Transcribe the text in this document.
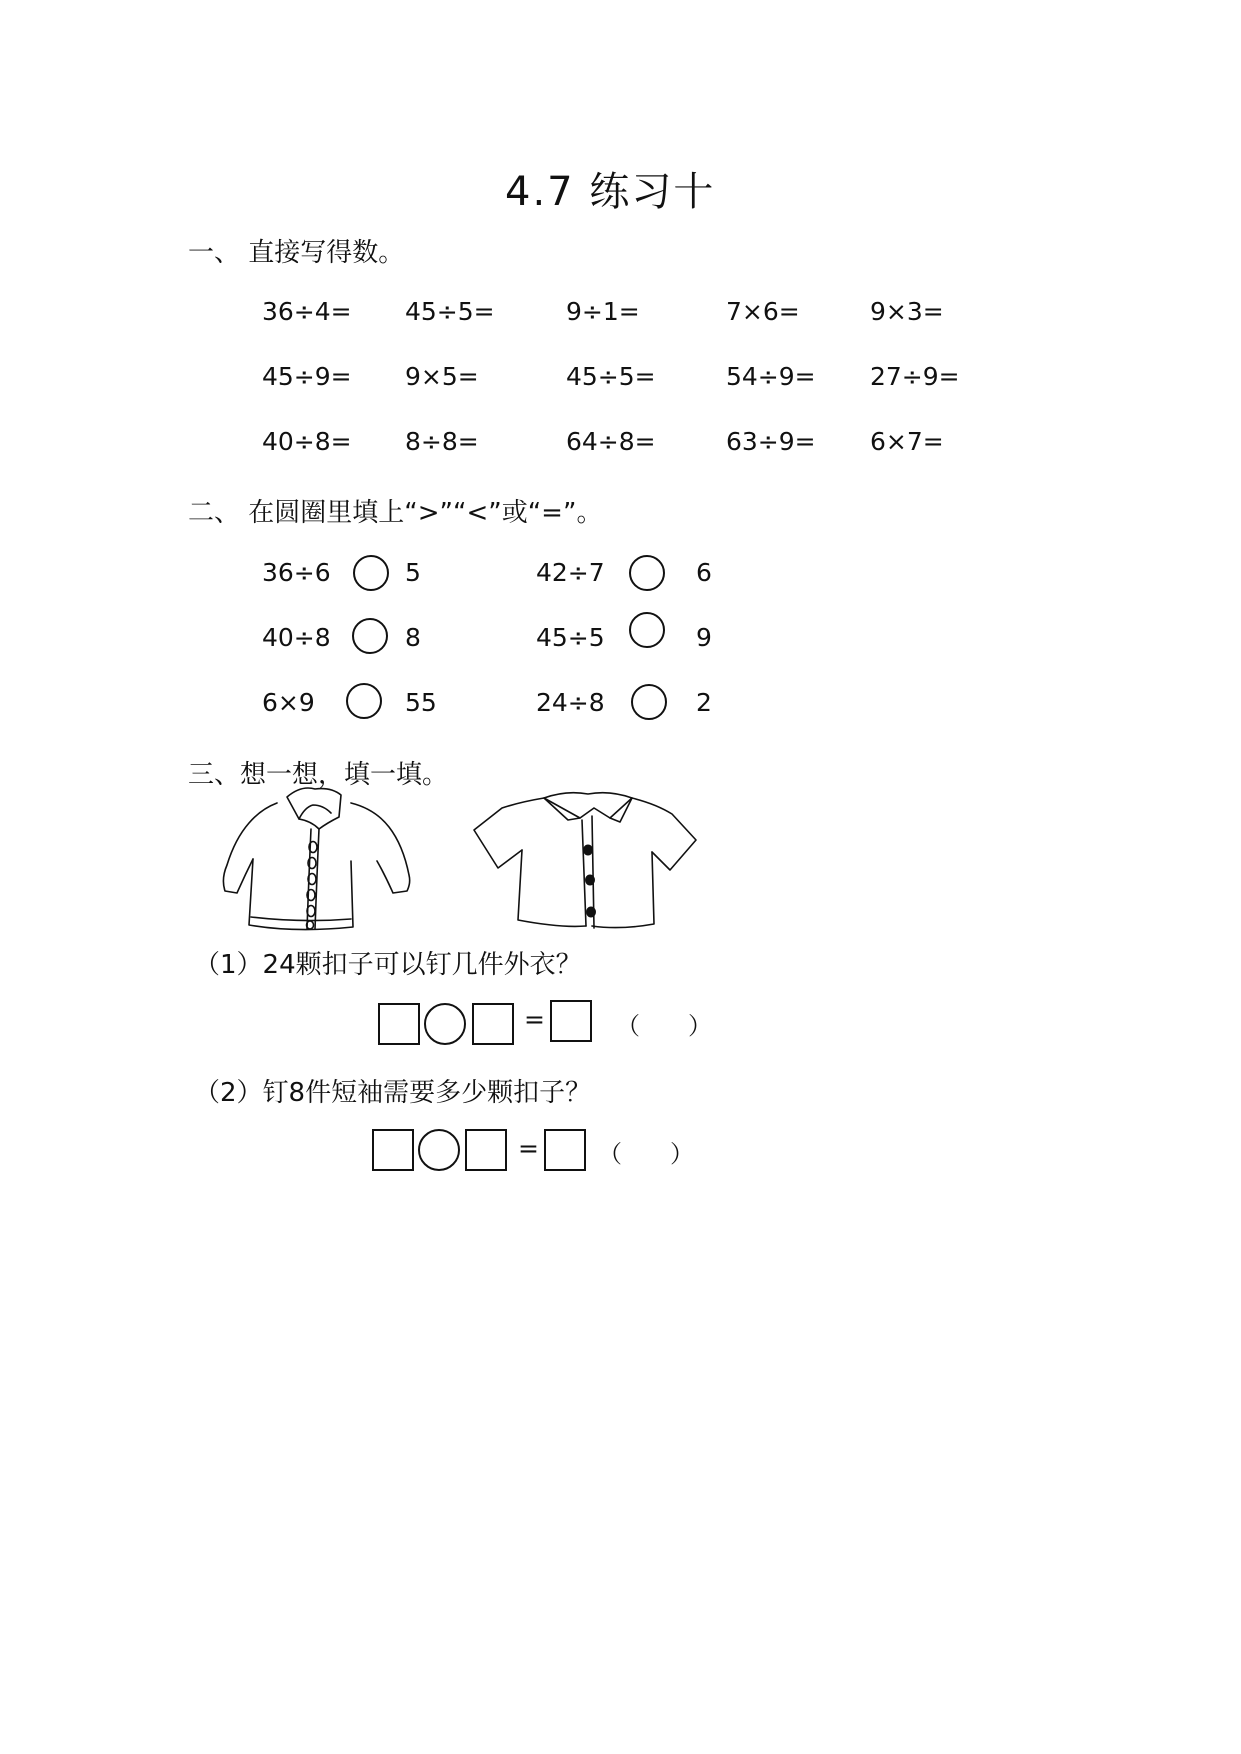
4.7 练习十
一、 直接写得数。
36÷4= 45÷5=	9÷1=	7×6=	9×3=
45÷9= 9×5=	45÷5=	54÷9= 27÷9=
40÷8= 8÷8=	64÷8=	63÷9= 6×7=
二、 在圆圈里填上“>”“<”或“=”。
36÷6	5	42÷7	6
40÷8	8	45÷5	9
6×9	55	24÷8	2
三、想一想，填一填。
（1）24颗扣子可以钉几件外衣？
=	（　　）
（2）钉8件短袖需要多少颗扣子？
= （　　）
